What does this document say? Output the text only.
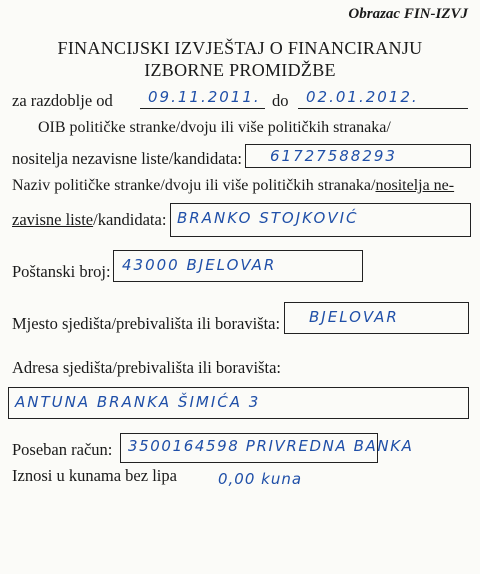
Obrazac FIN-IZVJ
FINANCIJSKI IZVJEŠTAJ O FINANCIRANJU
IZBORNE PROMIDŽBE
za razdoblje od 09.11.2011. do 02.01.2012.
OIB političke stranke/dvoju ili više političkih stranaka/
nositelja nezavisne liste/kandidata: 61727588293
Naziv političke stranke/dvoju ili više političkih stranaka/nositelja ne-
zavisne liste/kandidata: BRANKO STOJKOVIĆ
Poštanski broj: 43000 BJELOVAR
Mjesto sjedišta/prebivališta ili boravišta: BJELOVAR
Adresa sjedišta/prebivališta ili boravišta:
ANTUNA BRANKA ŠIMIĆA 3
Poseban račun: 3500164598 PRIVREDNA BANKA
Iznosi u kunama bez lipa	0,00 kuna
